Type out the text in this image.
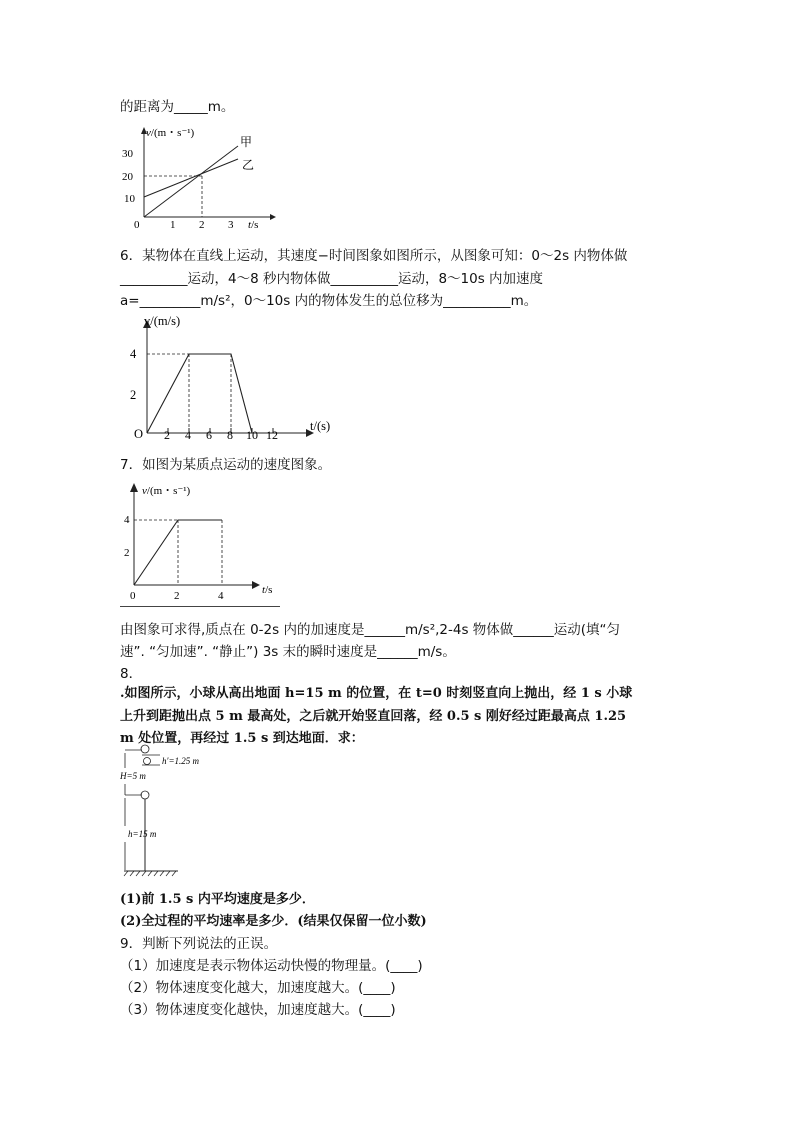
的距离为_____m。
v/(m・s⁻¹)
30
20
10
0	1 2 3 t/s
甲
乙
6．某物体在直线上运动，其速度−时间图象如图所示，从图象可知：0～2s 内物体做
__________运动，4～8 秒内物体做__________运动，8～10s 内加速度
a=_________m/s²，0～10s 内的物体发生的总位移为__________m。
v/(m/s)
4
2
O 2 4 6 8 10 12
t/(s)
7．如图为某质点运动的速度图象。
v/(m・s⁻¹)
4
2
0	2	4	t/s
由图象可求得,质点在 0-2s 内的加速度是______m/s²,2-4s 物体做______运动(填“匀
速”. “匀加速”. “静止”) 3s 末的瞬时速度是______m/s。
8．
.如图所示，小球从高出地面 h=15 m 的位置，在 t=0 时刻竖直向上抛出，经 1 s 小球
上升到距抛出点 5 m 最高处，之后就开始竖直回落，经 0.5 s 刚好经过距最高点 1.25
m 处位置，再经过 1.5 s 到达地面．求：
h′=1.25 m
H=5 m
h=15 m
(1)前 1.5 s 内平均速度是多少．
(2)全过程的平均速率是多少．(结果仅保留一位小数)
9．判断下列说法的正误。
（1）加速度是表示物体运动快慢的物理量。(____)
（2）物体速度变化越大，加速度越大。(____)
（3）物体速度变化越快，加速度越大。(____)
